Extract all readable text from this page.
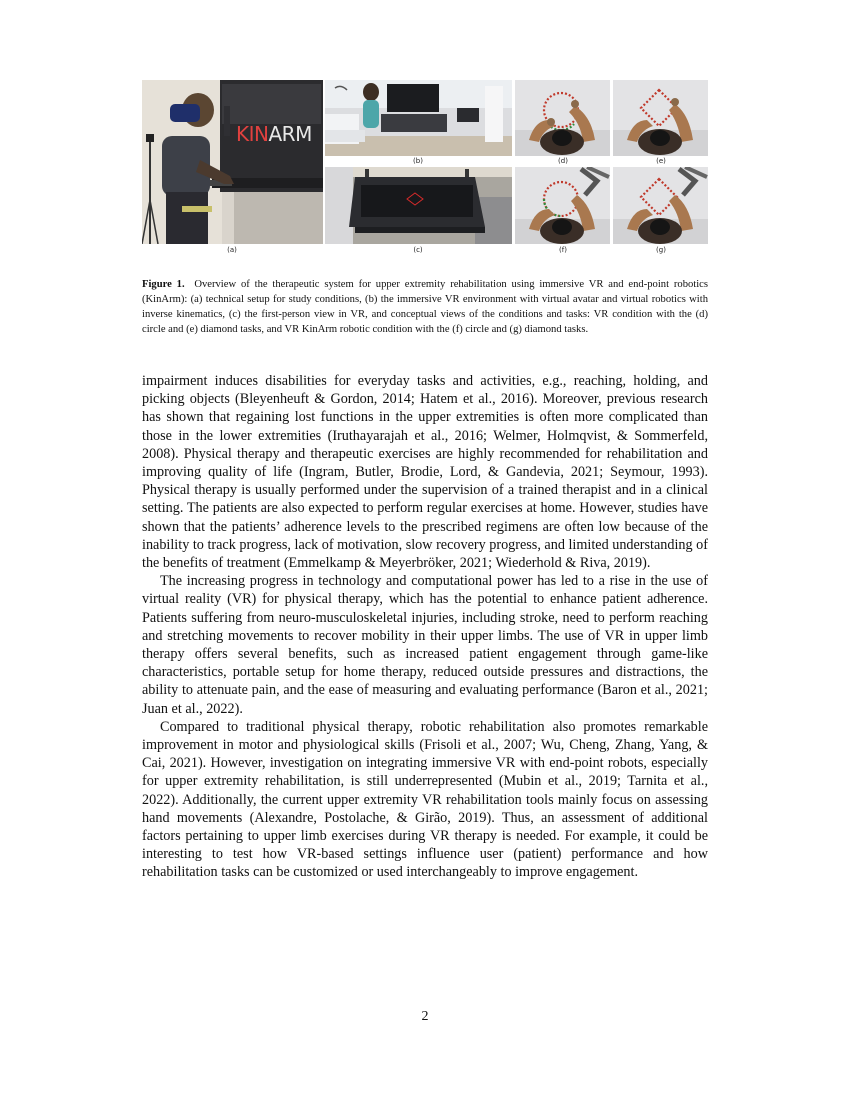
KINARM
(a)
(b)
(c)
(d)	(e)
(f)	(g)

Figure 1. Overview of the therapeutic system for upper extremity rehabilitation using immersive VR and end-point robotics (KinArm): (a) technical setup for study conditions, (b) the immersive VR environment with virtual avatar and virtual robotics with inverse kinematics, (c) the first-person view in VR, and conceptual views of the conditions and tasks: VR condition with the (d) circle and (e) diamond tasks, and VR KinArm robotic condition with the (f) circle and (g) diamond tasks.

impairment induces disabilities for everyday tasks and activities, e.g., reaching, holding, and picking objects (Bleyenheuft & Gordon, 2014; Hatem et al., 2016). Moreover, previous research has shown that regaining lost functions in the upper extremities is often more complicated than those in the lower extremities (Iruthayarajah et al., 2016; Welmer, Holmqvist, & Sommerfeld, 2008). Physical therapy and therapeutic exercises are highly recommended for rehabilitation and improving quality of life (Ingram, Butler, Brodie, Lord, & Gandevia, 2021; Seymour, 1993). Physical therapy is usually performed under the supervision of a trained therapist and in a clinical setting. The patients are also expected to perform regular exercises at home. However, studies have shown that the patients’ adherence levels to the prescribed regimens are often low because of the inability to track progress, lack of motivation, slow recovery progress, and limited understanding of the benefits of treatment (Emmelkamp & Meyerbröker, 2021; Wiederhold & Riva, 2019).

The increasing progress in technology and computational power has led to a rise in the use of virtual reality (VR) for physical therapy, which has the potential to enhance patient adherence. Patients suffering from neuro-musculoskeletal injuries, including stroke, need to perform reaching and stretching movements to recover mobility in their upper limbs. The use of VR in upper limb therapy offers several benefits, such as increased patient engagement through game-like characteristics, portable setup for home therapy, reduced outside pressures and distractions, the ability to attenuate pain, and the ease of measuring and evaluating performance (Baron et al., 2021; Juan et al., 2022).

Compared to traditional physical therapy, robotic rehabilitation also promotes remarkable improvement in motor and physiological skills (Frisoli et al., 2007; Wu, Cheng, Zhang, Yang, & Cai, 2021). However, investigation on integrating immersive VR with end-point robots, especially for upper extremity rehabilitation, is still underrepresented (Mubin et al., 2019; Tarnita et al., 2022). Additionally, the current upper extremity VR rehabilitation tools mainly focus on assessing hand movements (Alexandre, Postolache, & Girão, 2019). Thus, an assessment of additional factors pertaining to upper limb exercises during VR therapy is needed. For example, it could be interesting to test how VR-based settings influence user (patient) performance and how rehabilitation tasks can be customized or used interchangeably to improve engagement.

2
